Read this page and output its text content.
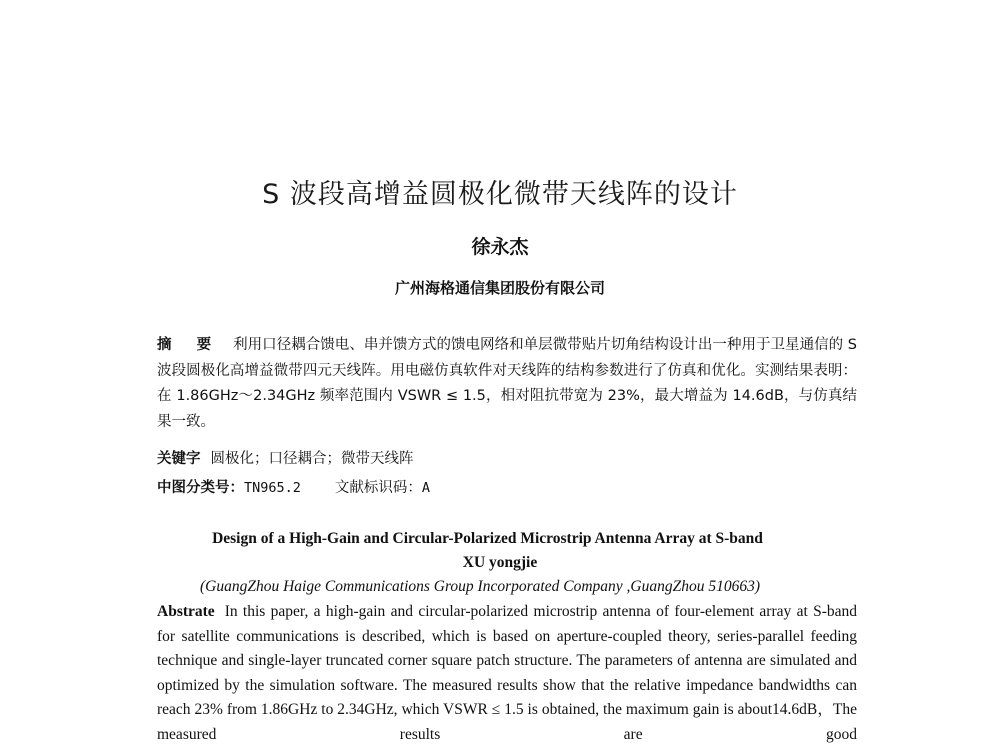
S 波段高增益圆极化微带天线阵的设计
徐永杰
广州海格通信集团股份有限公司

摘 要 利用口径耦合馈电、串并馈方式的馈电网络和单层微带贴片切角结构设计出一种用于卫星通信的 S 波段圆极化高增益微带四元天线阵。用电磁仿真软件对天线阵的结构参数进行了仿真和优化。实测结果表明：在 1.86GHz～2.34GHz 频率范围内 VSWR ≤ 1.5，相对阻抗带宽为 23%，最大增益为 14.6dB，与仿真结果一致。

关键字 圆极化；口径耦合；微带天线阵
中图分类号：TN965.2 文献标识码：A
Design of a High-Gain and Circular-Polarized Microstrip Antenna Array at S-band
XU yongjie
(GuangZhou Haige Communications Group Incorporated Company ,GuangZhou 510663)

Abstrate In this paper, a high-gain and circular-polarized microstrip antenna of four-element array at S-band for satellite communications is described, which is based on aperture-coupled theory, series-parallel feeding technique and single-layer truncated corner square patch structure. The parameters of antenna are simulated and optimized by the simulation software. The measured results show that the relative impedance bandwidths can reach 23% from 1.86GHz to 2.34GHz, which VSWR ≤ 1.5 is obtained, the maximum gain is about14.6dB，The measured results are good
